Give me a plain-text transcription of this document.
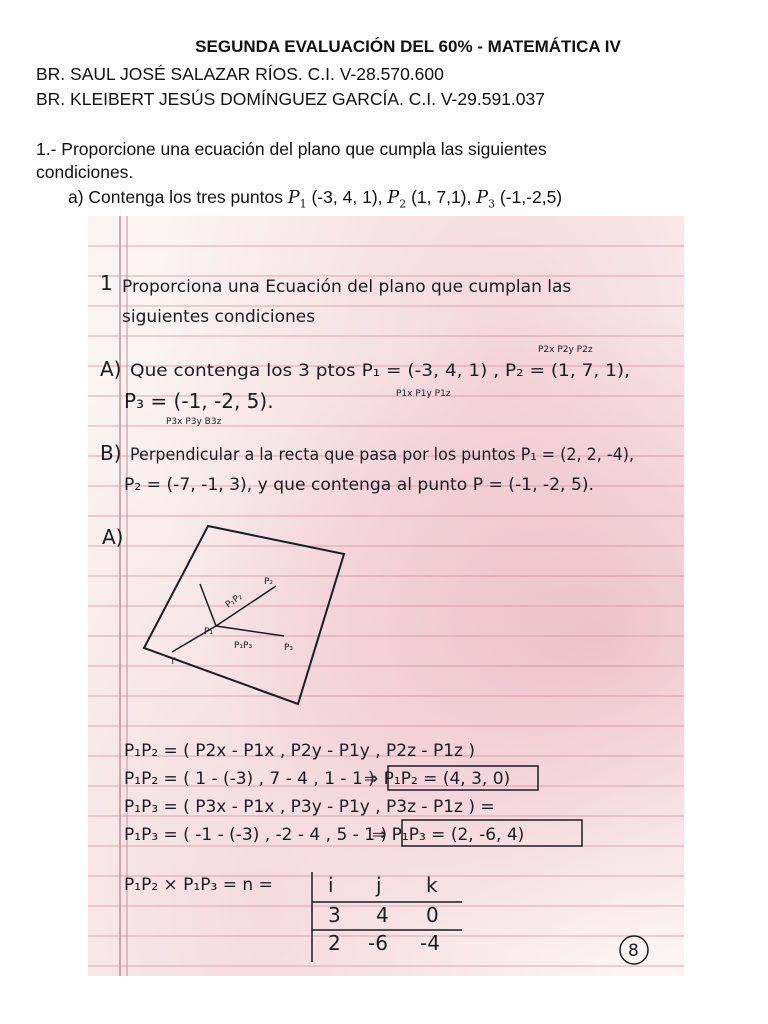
SEGUNDA EVALUACIÓN DEL 60% - MATEMÁTICA IV
BR. SAUL JOSÉ SALAZAR RÍOS. C.I. V-28.570.600
BR. KLEIBERT JESÚS DOMÍNGUEZ GARCÍA. C.I. V-29.591.037
1.- Proporcione una ecuación del plano que cumpla las siguientes
condiciones.
a) Contenga los tres puntos $P_1$ (-3, 4, 1), $P_2$ (1, 7,1), $P_3$ (-1,-2,5)
1 Proporciona una Ecuación del plano que cumplan las
siguientes condiciones
P2x P2y P2z
A) Que contenga los 3 ptos P₁ = (-3, 4, 1) , P₂ = (1, 7, 1),
P1x P1y P1z
P₃ = (-1, -2, 5).
P3x P3y B3z
B) Perpendicular a la recta que pasa por los puntos P₁ = (2, 2, -4),
P₂ = (-7, -1, 3), y que contenga al punto P = (-1, -2, 5).
A)
P₁
P₂
P₃
P₁P₂
P₁P₃
T
P₁P₂ = ( P2x - P1x , P2y - P1y , P2z - P1z )
P₁P₂ = ( 1 - (-3) , 7 - 4 , 1 - 1 )
⇒ P₁P₂ = (4, 3, 0)
P₁P₃ = ( P3x - P1x , P3y - P1y , P3z - P1z ) =
P₁P₃ = ( -1 - (-3) , -2 - 4 , 5 - 1 )
⇒ P₁P₃ = (2, -6, 4)
P₁P₂ × P₁P₃ = n =	i j k
3 4 0
2 -6 -4	8
